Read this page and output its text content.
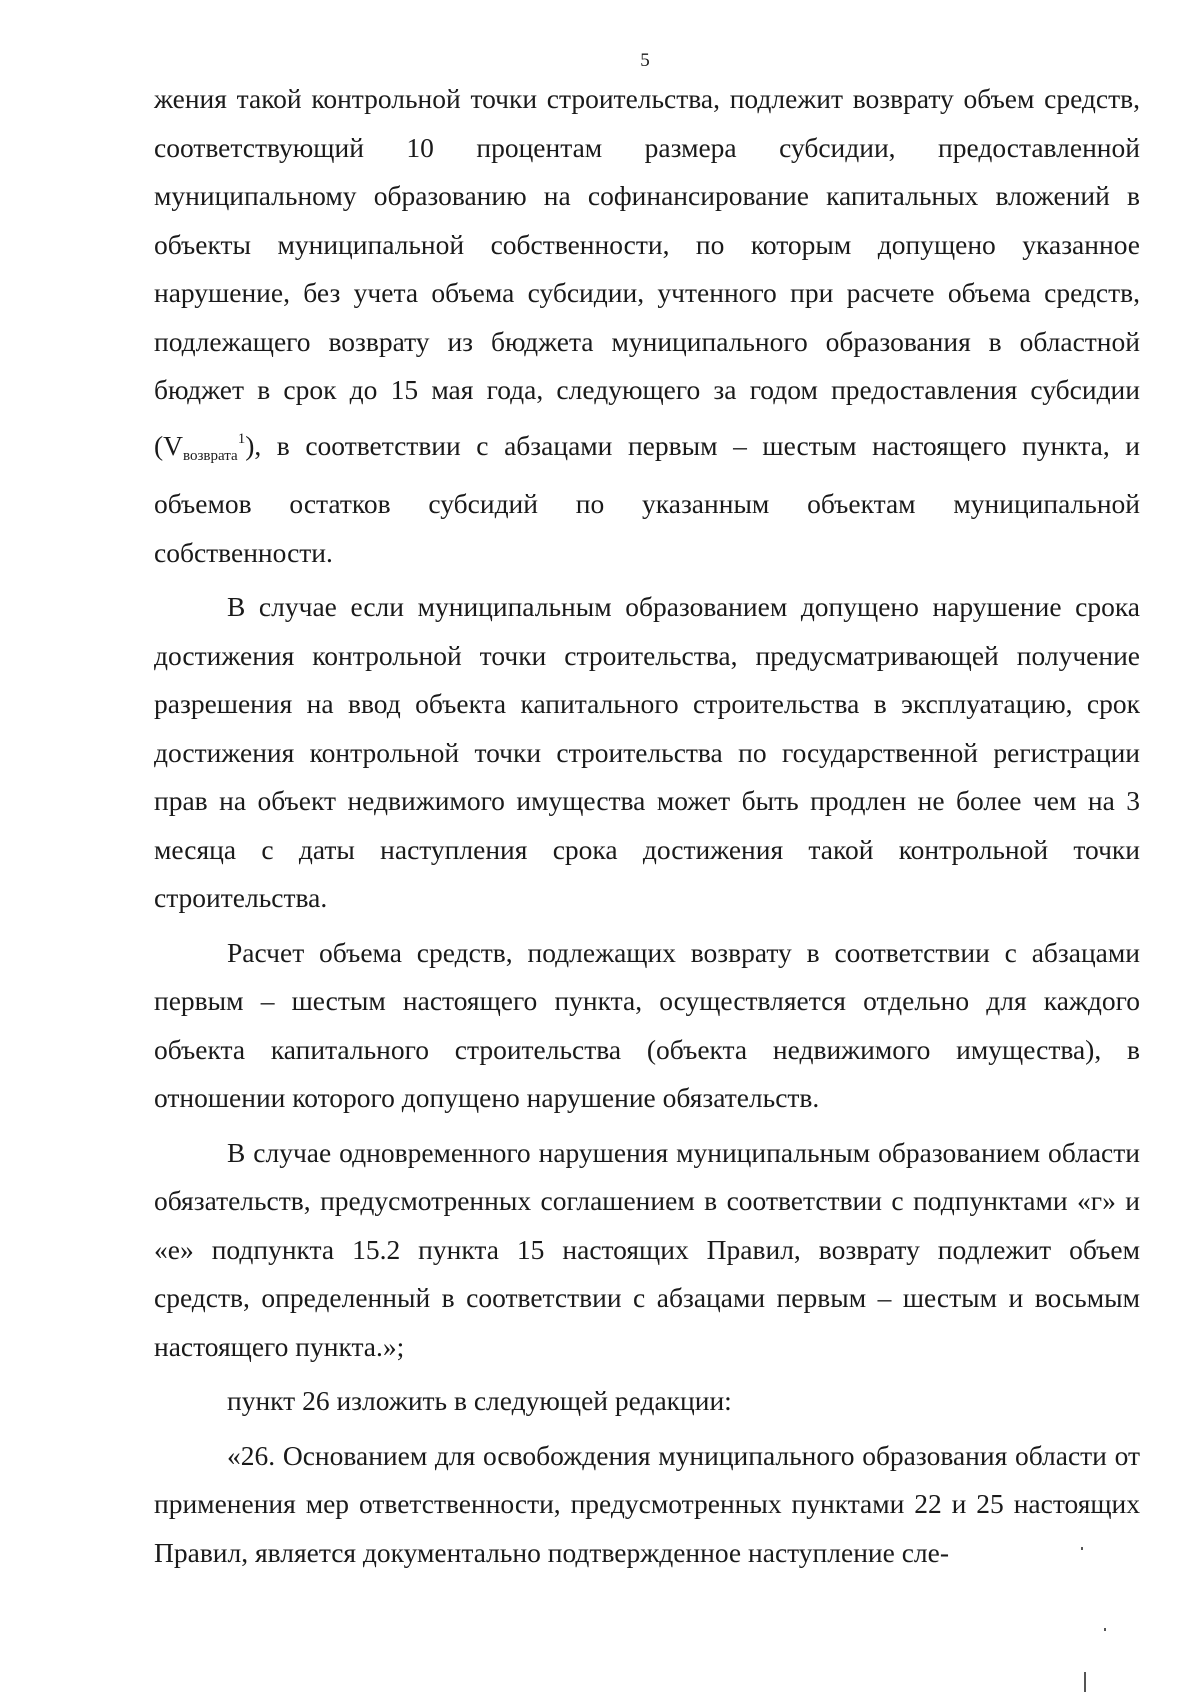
5

жения такой контрольной точки строительства, подлежит возврату объем средств, соответствующий 10 процентам размера субсидии, предоставленной муниципальному образованию на софинансирование капитальных вложений в объекты муниципальной собственности, по которым допущено указанное нарушение, без учета объема субсидии, учтенного при расчете объема средств, подлежащего возврату из бюджета муниципального образования в областной бюджет в срок до 15 мая года, следующего за годом предоставления субсидии $(V_{возврата}^1)$, в соответствии с абзацами первым – шестым настоящего пункта, и объемов остатков субсидий по указанным объектам муниципальной собственности.

В случае если муниципальным образованием допущено нарушение срока достижения контрольной точки строительства, предусматривающей получение разрешения на ввод объекта капитального строительства в эксплуатацию, срок достижения контрольной точки строительства по государственной регистрации прав на объект недвижимого имущества может быть продлен не более чем на 3 месяца с даты наступления срока достижения такой контрольной точки строительства.

Расчет объема средств, подлежащих возврату в соответствии с абзацами первым – шестым настоящего пункта, осуществляется отдельно для каждого объекта капитального строительства (объекта недвижимого имущества), в отношении которого допущено нарушение обязательств.

В случае одновременного нарушения муниципальным образованием области обязательств, предусмотренных соглашением в соответствии с подпунктами «г» и «е» подпункта 15.2 пункта 15 настоящих Правил, возврату подлежит объем средств, определенный в соответствии с абзацами первым – шестым и восьмым настоящего пункта.»;

пункт 26 изложить в следующей редакции:

«26. Основанием для освобождения муниципального образования области от применения мер ответственности, предусмотренных пунктами 22 и 25 настоящих Правил, является документально подтвержденное наступление сле-
